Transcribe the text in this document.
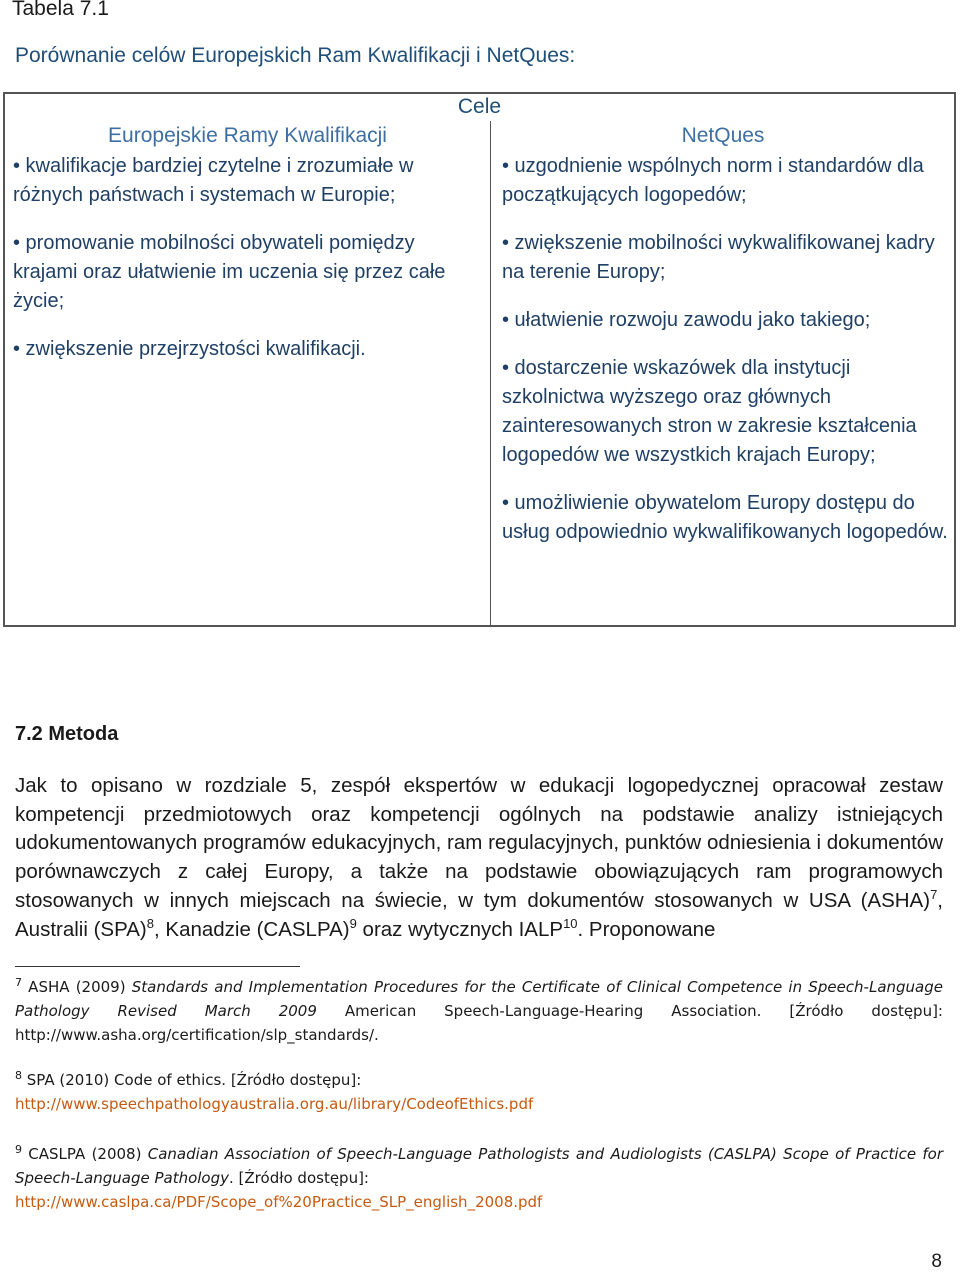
Tabela 7.1
Porównanie celów Europejskich Ram Kwalifikacji i NetQues:
Cele
Europejskie Ramy Kwalifikacji	NetQues

• kwalifikacje bardziej czytelne i zrozumiałe w różnych państwach i systemach w Europie;

• promowanie mobilności obywateli pomiędzy krajami oraz ułatwienie im uczenia się przez całe życie;

• zwiększenie przejrzystości kwalifikacji.

• uzgodnienie wspólnych norm i standardów dla początkujących logopedów;

• zwiększenie mobilności wykwalifikowanej kadry na terenie Europy;

• ułatwienie rozwoju zawodu jako takiego;

• dostarczenie wskazówek dla instytucji szkolnictwa wyższego oraz głównych zainteresowanych stron w zakresie kształcenia logopedów we wszystkich krajach Europy;

• umożliwienie obywatelom Europy dostępu do usług odpowiednio wykwalifikowanych logopedów.

7.2 Metoda
Jak to opisano w rozdziale 5, zespół ekspertów w edukacji logopedycznej opracował zestaw kompetencji przedmiotowych oraz kompetencji ogólnych na podstawie analizy istniejących udokumentowanych programów edukacyjnych, ram regulacyjnych, punktów odniesienia i dokumentów porównawczych z całej Europy, a także na podstawie obowiązujących ram programowych stosowanych w innych miejscach na świecie, w tym dokumentów stosowanych w USA (ASHA)$^7$, Australii (SPA)$^8$, Kanadzie (CASLPA)$^9$ oraz wytycznych IALP$^{10}$. Proponowane
$^7$ ASHA (2009) Standards and Implementation Procedures for the Certificate of Clinical Competence in Speech-Language Pathology Revised March 2009 American Speech-Language-Hearing Association. [Źródło dostępu]: http://www.asha.org/certification/slp_standards/.
$^8$ SPA (2010) Code of ethics. [Źródło dostępu]:
http://www.speechpathologyaustralia.org.au/library/CodeofEthics.pdf
$^9$ CASLPA (2008) Canadian Association of Speech-Language Pathologists and Audiologists (CASLPA) Scope of Practice for Speech-Language Pathology. [Źródło dostępu]:
http://www.caslpa.ca/PDF/Scope_of%20Practice_SLP_english_2008.pdf
8
